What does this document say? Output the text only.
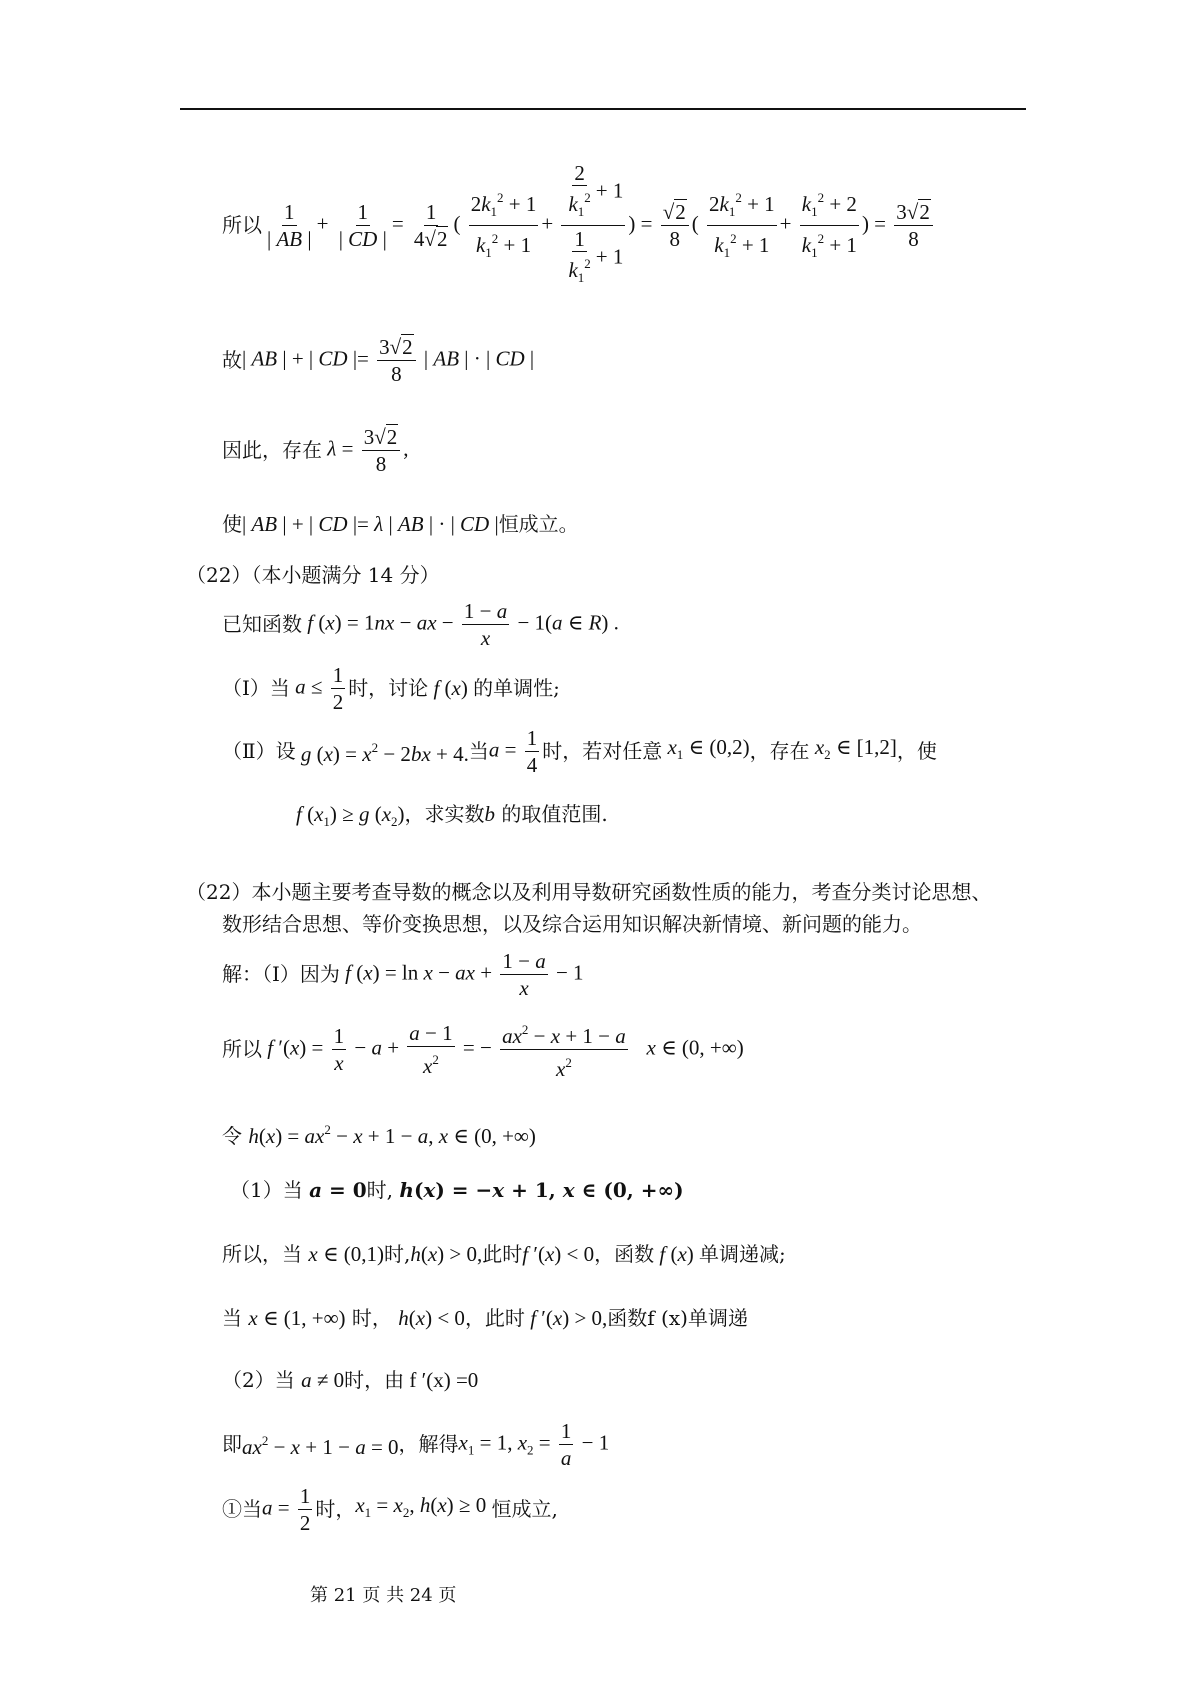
所以 $\frac{1}{| AB |} + \frac{1}{| CD |} = \frac{1}{4√2}$ ( $\frac{2k_1^2 + 1}{k_1^2 + 1} + \frac{\frac{2}{k_1^2} + 1}{\frac{1}{k_1^2} + 1}$ ) = $\frac{√2}{8}$ ( $\frac{2k_1^2 + 1}{k_1^2 + 1} + \frac{k_1^2 + 2}{k_1^2 + 1}$ ) = $\frac{3√2}{8}$
故 | AB | + | CD |= $\frac{3√2}{8}$ | AB | · | CD |
因此，存在 $\lambda = \frac{3√2}{8}$ ,
使| AB | + | CD |= λ | AB | · | CD |恒成立。
（22）（本小题满分 14 分）
已知函数 f (x) = 1nx − ax − $\frac{1 - a}{x} - 1(a$ ∈ R) .
（Ⅰ）当 $a \le \frac{1}{2}$ 时，讨论 f (x) 的单调性;
（Ⅱ）设 g $(x) = x^2 - 2bx + 4$. 当 $a = \frac{1}{4}$ 时，若对任意 $x_1$ ∈ (0,2) ，存在 $x_2$ ∈ [1,2] ，使
f $(x_1) \ge g$ $(x_2)$，求实数b 的取值范围.
（22）本小题主要考查导数的概念以及利用导数研究函数性质的能力，考查分类讨论思想、
数形结合思想、等价变换思想，以及综合运用知识解决新情境、新问题的能力。
解：（Ⅰ）因为 f (x) = ln x − ax + $\frac{1 - a}{x} - 1$
所以 f $'(x) = \frac{1}{x} - a + \frac{a - 1}{x^2}$ = − $\frac{ax^2 - x + 1 - a}{x^2}$ x ∈ (0, +∞)
令 $h(x) = ax^2 - x + 1 - a$, x ∈ (0, +∞)
（1）当 a = 0时, h(x) = −x + 1, x ∈ (0, +∞)
所以，当 x ∈ (0,1)时,h(x) > 0,此时f ′(x) < 0，函数 f (x) 单调递减;
当 x ∈ (1, +∞) 时， h(x) < 0，此时 f ′(x) > 0,函数f (x)单调递
（2）当 a ≠ 0时，由 f ′(x) =0
即 $ax^2 - x + 1 - a = 0$ ，解得 $x_1 = 1$, $x_2 = \frac{1}{a} - 1$
①当 $a = \frac{1}{2}$ 时， $x_1 = x_2$, h(x) ≥ 0 恒成立,
第 21 页 共 24 页
